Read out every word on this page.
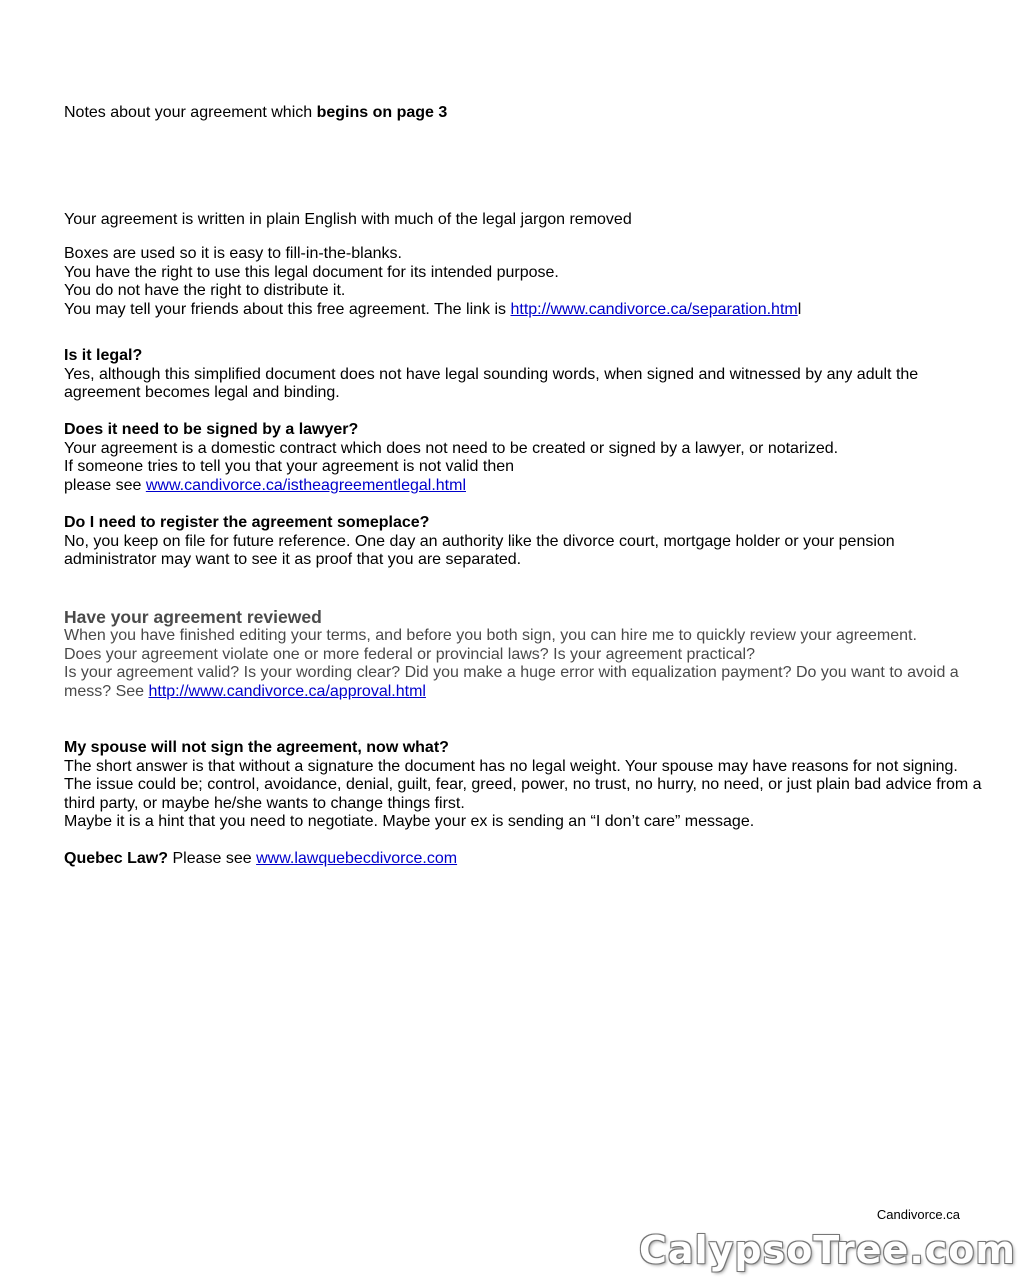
Notes about your agreement which begins on page 3

Your agreement is written in plain English with much of the legal jargon removed

Boxes are used so it is easy to fill-in-the-blanks.

You have the right to use this legal document for its intended purpose.

You do not have the right to distribute it.

You may tell your friends about this free agreement. The link is http://www.candivorce.ca/separation.html

Is it legal?

Yes, although this simplified document does not have legal sounding words, when signed and witnessed by any adult the agreement becomes legal and binding.

Does it need to be signed by a lawyer?

Your agreement is a domestic contract which does not need to be created or signed by a lawyer, or notarized.

If someone tries to tell you that your agreement is not valid then

please see www.candivorce.ca/istheagreementlegal.html

Do I need to register the agreement someplace?

No, you keep on file for future reference. One day an authority like the divorce court, mortgage holder or your pension administrator may want to see it as proof that you are separated.

Have your agreement reviewed

When you have finished editing your terms, and before you both sign, you can hire me to quickly review your agreement.

Does your agreement violate one or more federal or provincial laws? Is your agreement practical?

Is your agreement valid? Is your wording clear? Did you make a huge error with equalization payment? Do you want to avoid a mess? See http://www.candivorce.ca/approval.html

My spouse will not sign the agreement, now what?

The short answer is that without a signature the document has no legal weight. Your spouse may have reasons for not signing. The issue could be; control, avoidance, denial, guilt, fear, greed, power, no trust, no hurry, no need, or just plain bad advice from a third party, or maybe he/she wants to change things first.

Maybe it is a hint that you need to negotiate. Maybe your ex is sending an “I don’t care” message.

Quebec Law? Please see www.lawquebecdivorce.com

Candivorce.ca
CalypsoTree.com
